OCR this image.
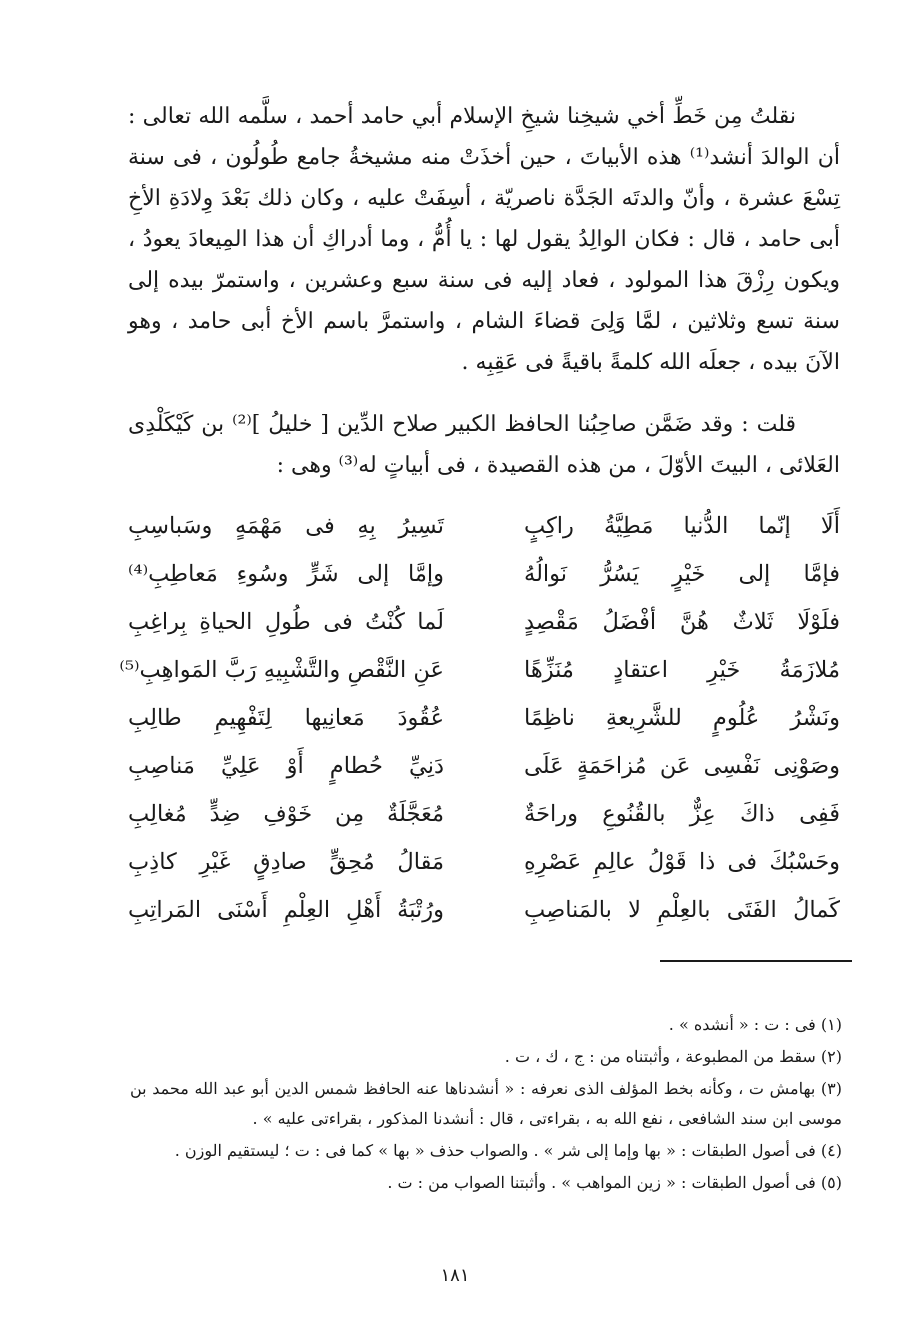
نقلتُ مِن خَطِّ أخي شيخِنا شيخِ الإسلام أبي حامد أحمد ، سلَّمه الله تعالى : أن الوالدَ أنشد⁽¹⁾ هذه الأبياتَ ، حين أخذَتْ منه مشيخةُ جامع طُولُون ، فى سنة تِسْعَ عشرة ، وأنّ والدتَه الجَدَّة ناصريّة ، أسِفَتْ عليه ، وكان ذلك بَعْدَ وِلادَةِ الأخِ أبى حامد ، قال : فكان الوالِدُ يقول لها : يا أُمُّ ، وما أدراكِ أن هذا المِيعادَ يعودُ ، ويكون رِزْقَ هذا المولود ، فعاد إليه فى سنة سبع وعشرين ، واستمرّ بيده إلى سنة تسع وثلاثين ، لمَّا وَلِىَ قضاءَ الشام ، واستمرَّ باسم الأخ أبى حامد ، وهو الآنَ بيده ، جعلَه الله كلمةً باقيةً فى عَقِبِه .

قلت : وقد ضَمَّن صاحِبُنا الحافظ الكبير صلاح الدِّين [ خليلُ ]⁽²⁾ بن كَيْكَلْدِى العَلائى ، البيتَ الأوّلَ ، من هذه القصيدة ، فى أبياتٍ له⁽³⁾ وهى :

أَلَا إنّما الدُّنيا مَطِيَّةُ راكِبٍ
تَسِيرُ بِهِ فى مَهْمَهٍ وسَباسِبِ
فإمَّا إلى خَيْرٍ يَسُرُّ نَوالُهُ
وإمَّا إلى شَرٍّ وسُوءِ مَعاطِبِ⁽⁴⁾
فلَوْلَا ثَلاثٌ هُنَّ أفْضَلُ مَقْصِدٍ
لَما كُنْتُ فى طُولِ الحياةِ بِراغِبِ
مُلازَمَةُ خَيْرِ اعتقادٍ مُنَزِّهًا
عَنِ النَّقْصِ والتَّشْبِيهِ رَبَّ المَواهِبِ⁽⁵⁾
ونَشْرُ عُلُومٍ للشَّرِيعةِ ناظِمًا
عُقُودَ مَعانِيها لِتَفْهِيمِ طالِبِ
وصَوْنِى نَفْسِى عَن مُزاحَمَةٍ عَلَى
دَنِيِّ حُطامٍ أَوْ عَلِيِّ مَناصِبِ
فَفِى ذاكَ عِزٌّ بالقُنُوعِ وراحَةٌ
مُعَجَّلَةٌ مِن خَوْفِ ضِدٍّ مُغالِبِ
وحَسْبُكَ فى ذا قَوْلُ عالِمِ عَصْرِهِ
مَقالُ مُحِقٍّ صادِقٍ غَيْرِ كاذِبِ
كَمالُ الفَتَى بالعِلْمِ لا بالمَناصِبِ
ورُتْبَةُ أَهْلِ العِلْمِ أَسْنَى المَراتِبِ

(١) فى : ت : « أنشده » .

(٢) سقط من المطبوعة ، وأثبتناه من : ج ، ك ، ت .

(٣) بهامش ت ، وكأنه بخط المؤلف الذى نعرفه : « أنشدناها عنه الحافظ شمس الدين أبو عبد الله محمد بن موسى ابن سند الشافعى ، نفع الله به ، بقراءتى ، قال : أنشدنا المذكور ، بقراءتى عليه » .

(٤) فى أصول الطبقات : « بها وإما إلى شر » . والصواب حذف « بها » كما فى : ت ؛ ليستقيم الوزن .

(٥) فى أصول الطبقات : « زين المواهب » . وأثبتنا الصواب من : ت .

١٨١
